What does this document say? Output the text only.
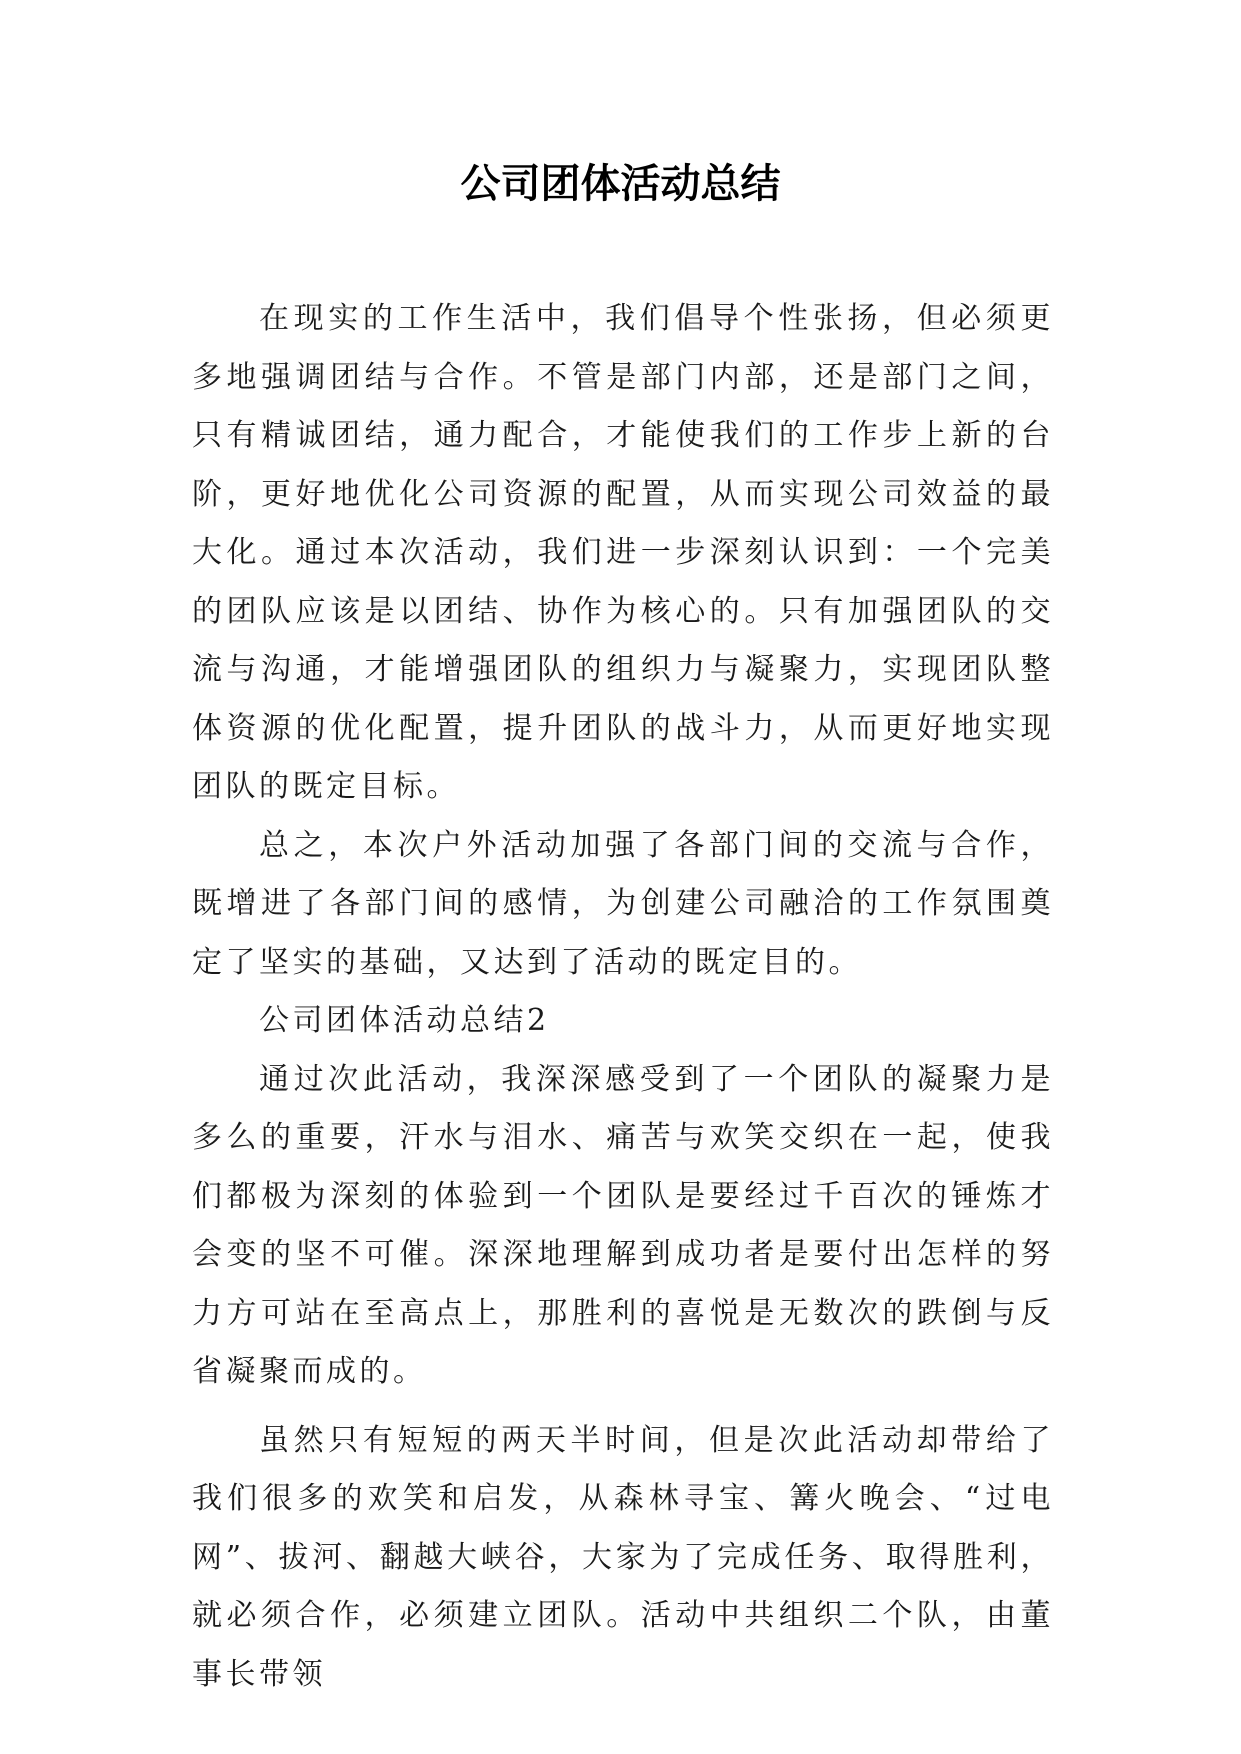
公司团体活动总结

在现实的工作生活中，我们倡导个性张扬，但必须更多地强调团结与合作。不管是部门内部，还是部门之间，只有精诚团结，通力配合，才能使我们的工作步上新的台阶，更好地优化公司资源的配置，从而实现公司效益的最大化。通过本次活动，我们进一步深刻认识到：一个完美的团队应该是以团结、协作为核心的。只有加强团队的交流与沟通，才能增强团队的组织力与凝聚力，实现团队整体资源的优化配置，提升团队的战斗力，从而更好地实现团队的既定目标。

总之，本次户外活动加强了各部门间的交流与合作，既增进了各部门间的感情，为创建公司融洽的工作氛围奠定了坚实的基础，又达到了活动的既定目的。

公司团体活动总结2

通过次此活动，我深深感受到了一个团队的凝聚力是多么的重要，汗水与泪水、痛苦与欢笑交织在一起，使我们都极为深刻的体验到一个团队是要经过千百次的锤炼才会变的坚不可催。深深地理解到成功者是要付出怎样的努力方可站在至高点上，那胜利的喜悦是无数次的跌倒与反省凝聚而成的。

虽然只有短短的两天半时间，但是次此活动却带给了我们很多的欢笑和启发，从森林寻宝、篝火晚会、“过电网”、拔河、翻越大峡谷，大家为了完成任务、取得胜利，就必须合作，必须建立团队。活动中共组织二个队，由董事长带领
